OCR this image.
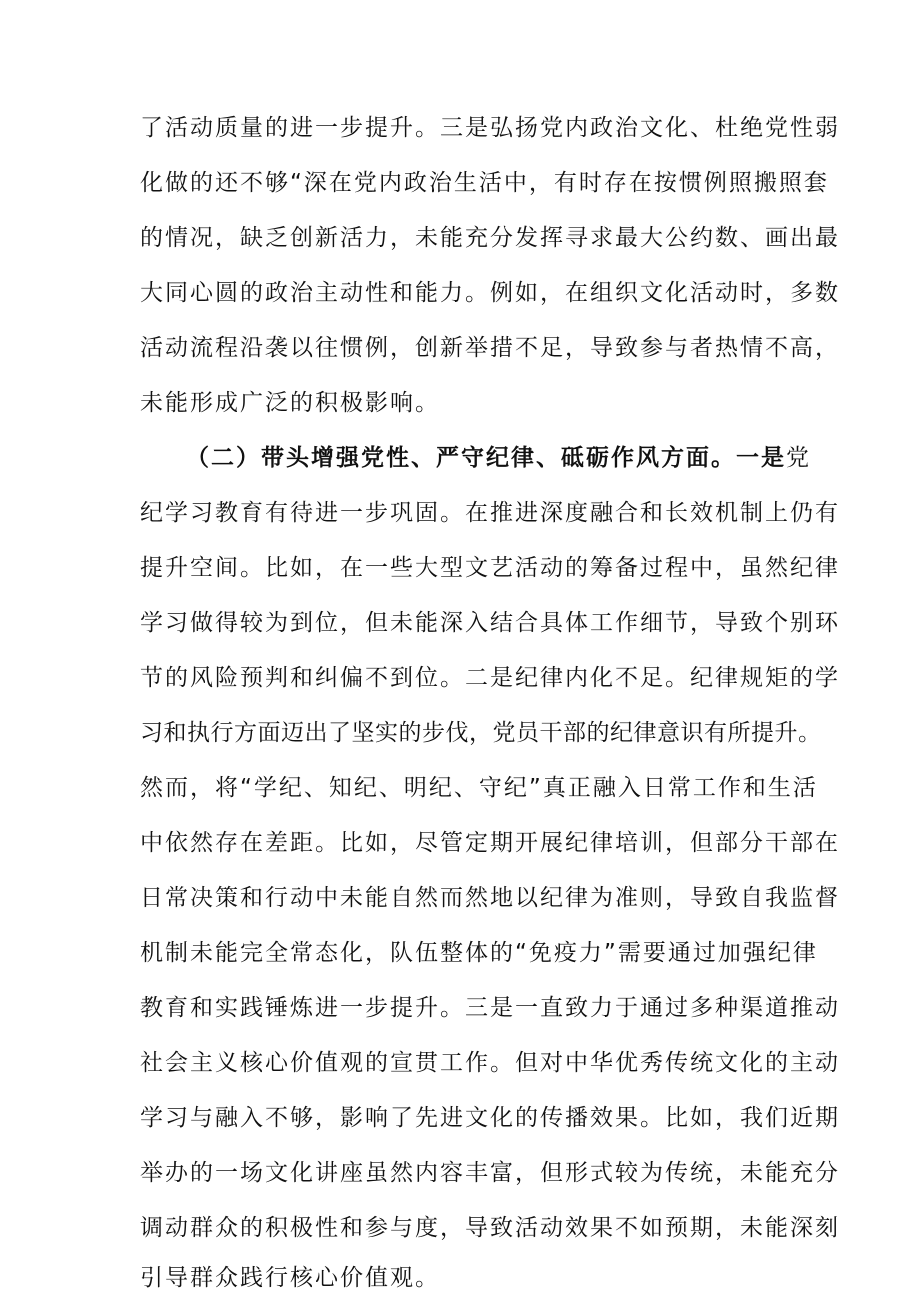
了活动质量的进一步提升。三是弘扬党内政治文化、杜绝党性弱
化做的还不够“深在党内政治生活中，有时存在按惯例照搬照套
的情况，缺乏创新活力，未能充分发挥寻求最大公约数、画出最
大同心圆的政治主动性和能力。例如，在组织文化活动时，多数
活动流程沿袭以往惯例，创新举措不足，导致参与者热情不高，
未能形成广泛的积极影响。
（二）带头增强党性、严守纪律、砥砺作风方面。一是党
纪学习教育有待进一步巩固。在推进深度融合和长效机制上仍有
提升空间。比如，在一些大型文艺活动的筹备过程中，虽然纪律
学习做得较为到位，但未能深入结合具体工作细节，导致个别环
节的风险预判和纠偏不到位。二是纪律内化不足。纪律规矩的学
习和执行方面迈出了坚实的步伐，党员干部的纪律意识有所提升。
然而，将“学纪、知纪、明纪、守纪”真正融入日常工作和生活
中依然存在差距。比如，尽管定期开展纪律培训，但部分干部在
日常决策和行动中未能自然而然地以纪律为准则，导致自我监督
机制未能完全常态化，队伍整体的“免疫力”需要通过加强纪律
教育和实践锤炼进一步提升。三是一直致力于通过多种渠道推动
社会主义核心价值观的宣贯工作。但对中华优秀传统文化的主动
学习与融入不够，影响了先进文化的传播效果。比如，我们近期
举办的一场文化讲座虽然内容丰富，但形式较为传统，未能充分
调动群众的积极性和参与度，导致活动效果不如预期，未能深刻
引导群众践行核心价值观。
